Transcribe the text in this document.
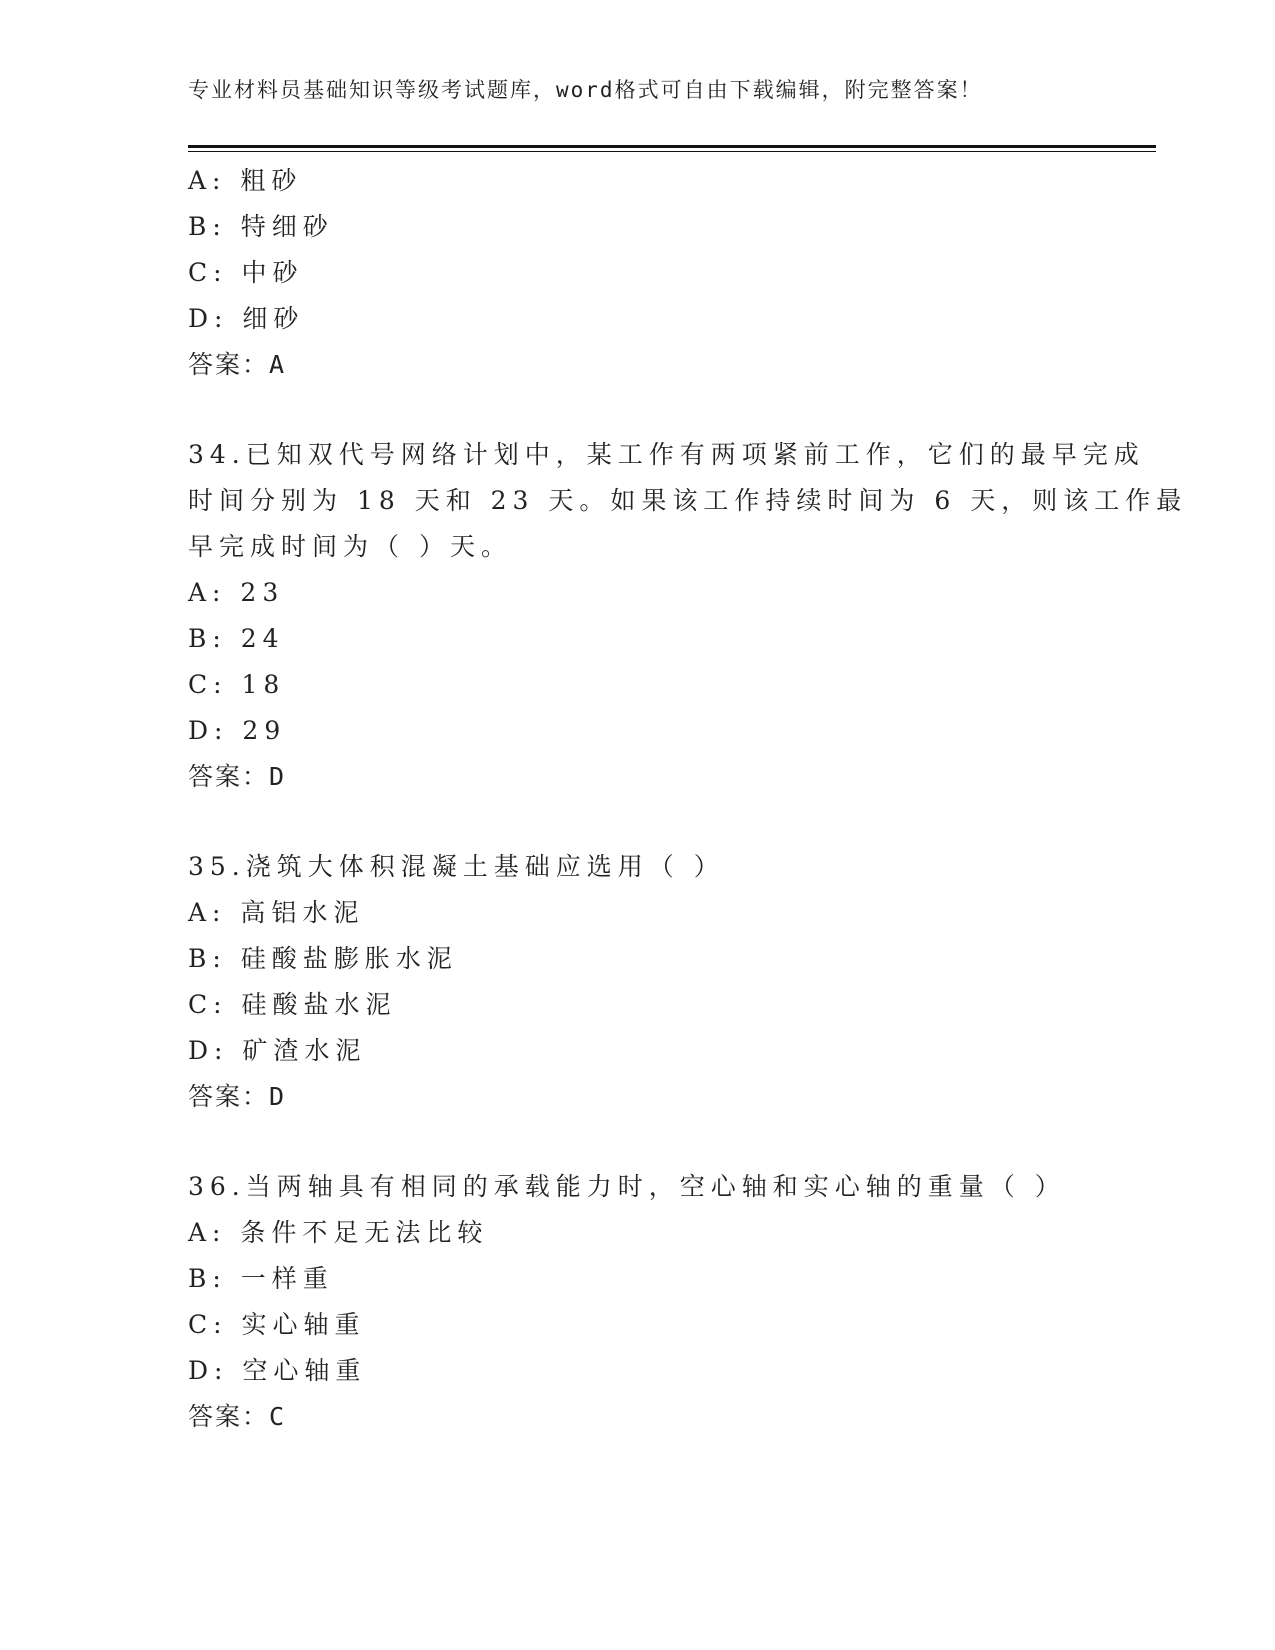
专业材料员基础知识等级考试题库，word格式可自由下载编辑，附完整答案！
A: 粗砂
B: 特细砂
C: 中砂
D: 细砂
答案：A
34.已知双代号网络计划中，某工作有两项紧前工作，它们的最早完成
时间分别为 18 天和 23 天。如果该工作持续时间为 6 天，则该工作最
早完成时间为（ ）天。
A: 23
B: 24
C: 18
D: 29
答案：D
35.浇筑大体积混凝土基础应选用（ ）
A: 高铝水泥
B: 硅酸盐膨胀水泥
C: 硅酸盐水泥
D: 矿渣水泥
答案：D
36.当两轴具有相同的承载能力时，空心轴和实心轴的重量（ ）
A: 条件不足无法比较
B: 一样重
C: 实心轴重
D: 空心轴重
答案：C
